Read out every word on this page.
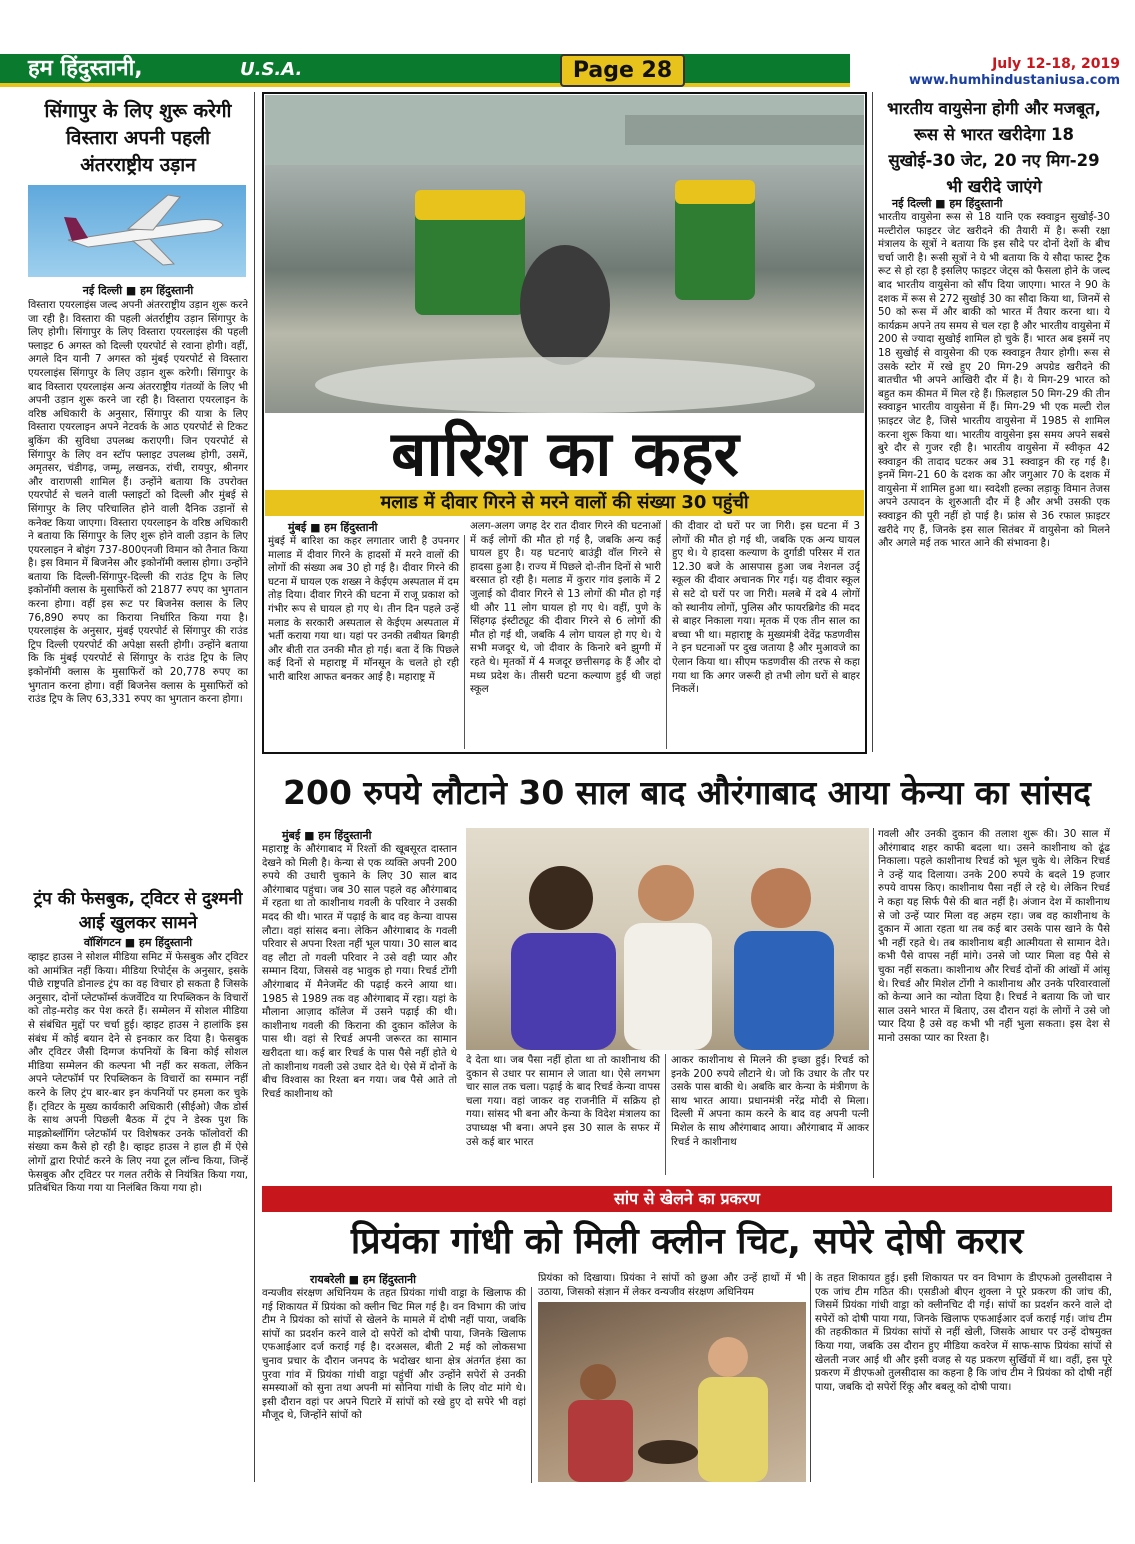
हम हिंदुस्तानी,	U.S.A.	Page 28	July 12-18, 2019
www.humhindustaniusa.com
सिंगापुर के लिए शुरू करेगी विस्तारा अपनी पहली अंतरराष्ट्रीय उड़ान
नई दिल्ली ■ हम हिंदुस्तानी
विस्तारा एयरलाइंस जल्द अपनी अंतरराष्ट्रीय उड़ान शुरू करने जा रही है। विस्तारा की पहली अंतर्राष्ट्रीय उड़ान सिंगापुर के लिए होगी। सिंगापुर के लिए विस्तारा एयरलाइंस की पहली फ्लाइट 6 अगस्त को दिल्ली एयरपोर्ट से रवाना होगी। वहीं, अगले दिन यानी 7 अगस्त को मुंबई एयरपोर्ट से विस्तारा एयरलाइंस सिंगापुर के लिए उड़ान शुरू करेगी। सिंगापुर के बाद विस्तारा एयरलाइंस अन्य अंतरराष्ट्रीय गंतव्यों के लिए भी अपनी उड़ान शुरू करने जा रही है। विस्तारा एयरलाइन के वरिष्ठ अधिकारी के अनुसार, सिंगापुर की यात्रा के लिए विस्तारा एयरलाइन अपने नेटवर्क के आठ एयरपोर्ट से टिकट बुकिंग की सुविधा उपलब्ध कराएगी। जिन एयरपोर्ट से सिंगापुर के लिए वन स्टॉप फ्लाइट उपलब्ध होगी, उसमें, अमृतसर, चंडीगढ़, जम्मू, लखनऊ, रांची, रायपुर, श्रीनगर और वाराणसी शामिल हैं। उन्होंने बताया कि उपरोक्त एयरपोर्ट से चलने वाली फ्लाइटों को दिल्ली और मुंबई से सिंगापुर के लिए परिचालित होने वाली दैनिक उड़ानों से कनेक्ट किया जाएगा। विस्तारा एयरलाइन के वरिष्ठ अधिकारी ने बताया कि सिंगापुर के लिए शुरू होने वाली उड़ान के लिए एयरलाइन ने बोइंग 737-800एनजी विमान को तैनात किया है। इस विमान में बिजनेस और इकोनॉमी क्लास होगा। उन्होंने बताया कि दिल्ली-सिंगापुर-दिल्ली की राउंड ट्रिप के लिए इकोनॉमी क्लास के मुसाफिरों को 21877 रुपए का भुगतान करना होगा। वहीं इस रूट पर बिजनेस क्लास के लिए 76,890 रुपए का किराया निर्धारित किया गया है। एयरलाइंस के अनुसार, मुंबई एयरपोर्ट से सिंगापुर की राउंड ट्रिप दिल्ली एयरपोर्ट की अपेक्षा सस्ती होगी। उन्होंने बताया कि कि मुंबई एयरपोर्ट से सिंगापुर के राउंड ट्रिप के लिए इकोनॉमी क्लास के मुसाफिरों को 20,778 रुपए का भुगतान करना होगा। वहीं बिजनेस क्लास के मुसाफिरों को राउंड ट्रिप के लिए 63,331 रुपए का भुगतान करना होगा।
ट्रंप की फेसबुक, ट्विटर से दुश्मनी आई खुलकर सामने
वॉशिंगटन ■ हम हिंदुस्तानी
व्हाइट हाउस ने सोशल मीडिया समिट में फेसबुक और ट्विटर को आमंत्रित नहीं किया। मीडिया रिपोर्ट्स के अनुसार, इसके पीछे राष्ट्रपति डोनाल्ड ट्रंप का वह विचार हो सकता है जिसके अनुसार, दोनों प्लेटफॉर्म्स कंजर्वेटिव या रिपब्लिकन के विचारों को तोड़-मरोड़ कर पेश करते हैं। सम्मेलन में सोशल मीडिया से संबंधित मुद्दों पर चर्चा हुई। व्हाइट हाउस ने हालांकि इस संबंध में कोई बयान देने से इनकार कर दिया है। फेसबुक और ट्विटर जैसी दिग्गज कंपनियों के बिना कोई सोशल मीडिया सम्मेलन की कल्पना भी नहीं कर सकता, लेकिन अपने प्लेटफॉर्म पर रिपब्लिकन के विचारों का सम्मान नहीं करने के लिए ट्रंप बार-बार इन कंपनियों पर हमला कर चुके हैं। ट्विटर के मुख्य कार्यकारी अधिकारी (सीईओ) जैक डोर्स के साथ अपनी पिछली बैठक में ट्रंप ने डेस्क पुश कि माइक्रोब्लॉगिंग प्लेटफॉर्म पर विशेषकर उनके फॉलोवरों की संख्या कम कैसे हो रही है। व्हाइट हाउस ने हाल ही में ऐसे लोगों द्वारा रिपोर्ट करने के लिए नया टूल लॉन्च किया, जिन्हें फेसबुक और ट्विटर पर गलत तरीके से नियंत्रित किया गया, प्रतिबंधित किया गया या निलंबित किया गया हो।
बारिश का कहर
मलाड में दीवार गिरने से मरने वालों की संख्या 30 पहुंची
मुंबई ■ हम हिंदुस्तानी
मुंबई में बारिश का कहर लगातार जारी है उपनगर मालाड में दीवार गिरने के हादसों में मरने वालों की लोगों की संख्या अब 30 हो गई है। दीवार गिरने की घटना में घायल एक शख्स ने केईएम अस्पताल में दम तोड़ दिया। दीवार गिरने की घटना में राजू प्रकाश को गंभीर रूप से घायल हो गए थे। तीन दिन पहले उन्हें मलाड के सरकारी अस्पताल से केईएम अस्पताल में भर्ती कराया गया था। यहां पर उनकी तबीयत बिगड़ी और बीती रात उनकी मौत हो गई। बता दें कि पिछले कई दिनों से महाराष्ट्र में मॉनसून के चलते हो रही भारी बारिश आफत बनकर आई है। महाराष्ट्र में
अलग-अलग जगह देर रात दीवार गिरने की घटनाओं में कई लोगों की मौत हो गई है, जबकि अन्य कई घायल हुए है। यह घटनाएं बाउंड्री वॉल गिरने से हादसा हुआ है। राज्य में पिछले दो-तीन दिनों से भारी बरसात हो रही है। मलाड में कुरार गांव इलाके में 2 जुलाई को दीवार गिरने से 13 लोगों की मौत हो गई थी और 11 लोग घायल हो गए थे। वहीं, पुणे के सिंहगढ़ इंस्टीट्यूट की दीवार गिरने से 6 लोगों की मौत हो गई थी, जबकि 4 लोग घायल हो गए थे। ये सभी मजदूर थे, जो दीवार के किनारे बने झुग्गी में रहते थे। मृतकों में 4 मजदूर छत्तीसगढ़ के हैं और दो मध्य प्रदेश के। तीसरी घटना कल्याण हुई थी जहां स्कूल
की दीवार दो घरों पर जा गिरी। इस घटना में 3 लोगों की मौत हो गई थी, जबकि एक अन्य घायल हुए थे। ये हादसा कल्याण के दुर्गाडी परिसर में रात 12.30 बजे के आसपास हुआ जब नेशनल उर्दू स्कूल की दीवार अचानक गिर गई। यह दीवार स्कूल से सटे दो घरों पर जा गिरी। मलबे में दबे 4 लोगों को स्थानीय लोगों, पुलिस और फायरब्रिगेड की मदद से बाहर निकाला गया। मृतक में एक तीन साल का बच्चा भी था। महाराष्ट्र के मुख्यमंत्री देवेंद्र फडणवीस ने इन घटनाओं पर दुख जताया है और मुआवजे का ऐलान किया था। सीएम फडणवीस की तरफ से कहा गया था कि अगर जरूरी हो तभी लोग घरों से बाहर निकलें।
भारतीय वायुसेना होगी और मजबूत, रूस से भारत खरीदेगा 18 सुखोई-30 जेट, 20 नए मिग-29 भी खरीदे जाएंगे
नई दिल्ली ■ हम हिंदुस्तानी
भारतीय वायुसेना रूस से 18 यानि एक स्क्वाड्रन सुखोई-30 मल्टीरोल फाइटर जेट खरीदने की तैयारी में है। रूसी रक्षा मंत्रालय के सूत्रों ने बताया कि इस सौदे पर दोनों देशों के बीच चर्चा जारी है। रूसी सूत्रों ने ये भी बताया कि ये सौदा फास्ट ट्रैक रूट से हो रहा है इसलिए फाइटर जेट्स को फैसला होने के जल्द बाद भारतीय वायुसेना को सौंप दिया जाएगा। भारत ने 90 के दशक में रूस से 272 सुखोई 30 का सौदा किया था, जिनमें से 50 को रूस में और बाकी को भारत में तैयार करना था। ये कार्यक्रम अपने तय समय से चल रहा है और भारतीय वायुसेना में 200 से ज्यादा सुखोई शामिल हो चुके हैं। भारत अब इसमें नए 18 सुखोई से वायुसेना की एक स्क्वाड्रन तैयार होगी। रूस से उसके स्टोर में रखे हुए 20 मिग-29 अपग्रेड खरीदने की बातचीत भी अपने आखिरी दौर में है। ये मिग-29 भारत को बहुत कम कीमत में मिल रहे हैं। फ़िलहाल 50 मिग-29 की तीन स्क्वाड्रन भारतीय वायुसेना में हैं। मिग-29 भी एक मल्टी रोल फ़ाइटर जेट है, जिसे भारतीय वायुसेना में 1985 से शामिल करना शुरू किया था। भारतीय वायुसेना इस समय अपने सबसे बुरे दौर से गुजर रही है। भारतीय वायुसेना में स्वीकृत 42 स्क्वाड्रन की तादाद घटकर अब 31 स्क्वाड्रन की रह गई है। इनमें मिग-21 60 के दशक का और जगुआर 70 के दशक में वायुसेना में शामिल हुआ था। स्वदेशी हल्का लड़ाकू विमान तेजस अपने उत्पादन के शुरुआती दौर में है और अभी उसकी एक स्क्वाड्रन की पूरी नहीं हो पाई है। फ्रांस से 36 रफाल फ़ाइटर खरीदे गए हैं, जिनके इस साल सितंबर में वायुसेना को मिलने और अगले मई तक भारत आने की संभावना है।
200 रुपये लौटाने 30 साल बाद औरंगाबाद आया केन्या का सांसद
मुंबई ■ हम हिंदुस्तानी
महाराष्ट्र के औरंगाबाद में रिश्तों की खूबसूरत दास्तान देखने को मिली है। केन्या से एक व्यक्ति अपनी 200 रुपये की उधारी चुकाने के लिए 30 साल बाद औरंगाबाद पहुंचा। जब 30 साल पहले वह औरंगाबाद में रहता था तो काशीनाथ गवली के परिवार ने उसकी मदद की थी। भारत में पढ़ाई के बाद वह केन्या वापस लौटा। वहां सांसद बना। लेकिन औरंगाबाद के गवली परिवार से अपना रिश्ता नहीं भूल पाया। 30 साल बाद वह लौटा तो गवली परिवार ने उसे वही प्यार और सम्मान दिया, जिससे वह भावुक हो गया। रिचर्ड टोंगी औरंगाबाद में मैनेजमेंट की पढ़ाई करने आया था। 1985 से 1989 तक वह औरंगाबाद में रहा। यहां के मौलाना आज़ाद कॉलेज में उसने पढ़ाई की थी। काशीनाथ गवली की किराना की दुकान कॉलेज के पास थी। वहां से रिचर्ड अपनी जरूरत का सामान खरीदता था। कई बार रिचर्ड के पास पैसे नहीं होते थे तो काशीनाथ गवली उसे उधार देते थे। ऐसे में दोनों के बीच विश्वास का रिश्ता बन गया। जब पैसे आते तो रिचर्ड काशीनाथ को
दे देता था। जब पैसा नहीं होता था तो काशीनाथ की दुकान से उधार पर सामान ले जाता था। ऐसे लगभग चार साल तक चला। पढ़ाई के बाद रिचर्ड केन्या वापस चला गया। वहां जाकर वह राजनीति में सक्रिय हो गया। सांसद भी बना और केन्या के विदेश मंत्रालय का उपाध्यक्ष भी बना। अपने इस 30 साल के सफर में उसे कई बार भारत
आकर काशीनाथ से मिलने की इच्छा हुई। रिचर्ड को इनके 200 रुपये लौटाने थे। जो कि उधार के तौर पर उसके पास बाकी थे। अबकि बार केन्या के मंत्रीगण के साथ भारत आया। प्रधानमंत्री नरेंद्र मोदी से मिला। दिल्ली में अपना काम करने के बाद वह अपनी पत्नी मिशेल के साथ औरंगाबाद आया। औरंगाबाद में आकर रिचर्ड ने काशीनाथ
गवली और उनकी दुकान की तलाश शुरू की। 30 साल में औरंगाबाद शहर काफी बदला था। उसने काशीनाथ को ढूंढ निकाला। पहले काशीनाथ रिचर्ड को भूल चुके थे। लेकिन रिचर्ड ने उन्हें याद दिलाया। उनके 200 रुपये के बदले 19 हजार रुपये वापस किए। काशीनाथ पैसा नहीं ले रहे थे। लेकिन रिचर्ड ने कहा यह सिर्फ पैसे की बात नहीं है। अंजान देश में काशीनाथ से जो उन्हें प्यार मिला वह अहम रहा। जब वह काशीनाथ के दुकान में आता रहता था तब कई बार उसके पास खाने के पैसे भी नहीं रहते थे। तब काशीनाथ बड़ी आत्मीयता से सामान देते। कभी पैसे वापस नहीं मांगे। उनसे जो प्यार मिला वह पैसे से चुका नहीं सकता। काशीनाथ और रिचर्ड दोनों की आंखों में आंसू थे। रिचर्ड और मिशेल टोंगी ने काशीनाथ और उनके परिवारवालों को केन्या आने का न्योता दिया है। रिचर्ड ने बताया कि जो चार साल उसने भारत में बिताए, उस दौरान यहां के लोगों ने उसे जो प्यार दिया है उसे वह कभी भी नहीं भुला सकता। इस देश से मानो उसका प्यार का रिश्ता है।
सांप से खेलने का प्रकरण
प्रियंका गांधी को मिली क्लीन चिट, सपेरे दोषी करार
रायबरेली ■ हम हिंदुस्तानी
वन्यजीव संरक्षण अधिनियम के तहत प्रियंका गांधी वाड्रा के खिलाफ की गई शिकायत में प्रियंका को क्लीन चिट मिल गई है। वन विभाग की जांच टीम ने प्रियंका को सांपों से खेलने के मामले में दोषी नहीं पाया, जबकि सांपों का प्रदर्शन करने वाले दो सपेरों को दोषी पाया, जिनके खिलाफ एफआईआर दर्ज कराई गई है। दरअसल, बीती 2 मई को लोकसभा चुनाव प्रचार के दौरान जनपद के भदोखर थाना क्षेत्र अंतर्गत हंसा का पुरवा गांव में प्रियंका गांधी वाड्रा पहुंचीं और उन्होंने सपेरों से उनकी समस्याओं को सुना तथा अपनी मां सोनिया गांधी के लिए वोट मांगे थे। इसी दौरान वहां पर अपने पिटारे में सांपों को रखे हुए दो सपेरे भी वहां मौजूद थे, जिन्होंने सांपों को
प्रियंका को दिखाया। प्रियंका ने सांपों को छुआ और उन्हें हाथों में भी उठाया, जिसको संज्ञान में लेकर वन्यजीव संरक्षण अधिनियम
के तहत शिकायत हुई। इसी शिकायत पर वन विभाग के डीएफओ तुलसीदास ने एक जांच टीम गठित की। एसडीओ बीएन शुक्ला ने पूरे प्रकरण की जांच की, जिसमें प्रियंका गांधी वाड्रा को क्लीनचिट दी गई। सांपों का प्रदर्शन करने वाले दो सपेरों को दोषी पाया गया, जिनके खिलाफ एफआईआर दर्ज कराई गई। जांच टीम की तहकीकात में प्रियंका सांपों से नहीं खेली, जिसके आधार पर उन्हें दोषमुक्त किया गया, जबकि उस दौरान हुए मीडिया कवरेज में साफ-साफ प्रियंका सांपों से खेलती नजर आई थी और इसी वजह से यह प्रकरण सुर्खियों में था। वहीं, इस पूरे प्रकरण में डीएफओ तुलसीदास का कहना है कि जांच टीम ने प्रियंका को दोषी नहीं पाया, जबकि दो सपेरों रिंकू और बबलू को दोषी पाया।
